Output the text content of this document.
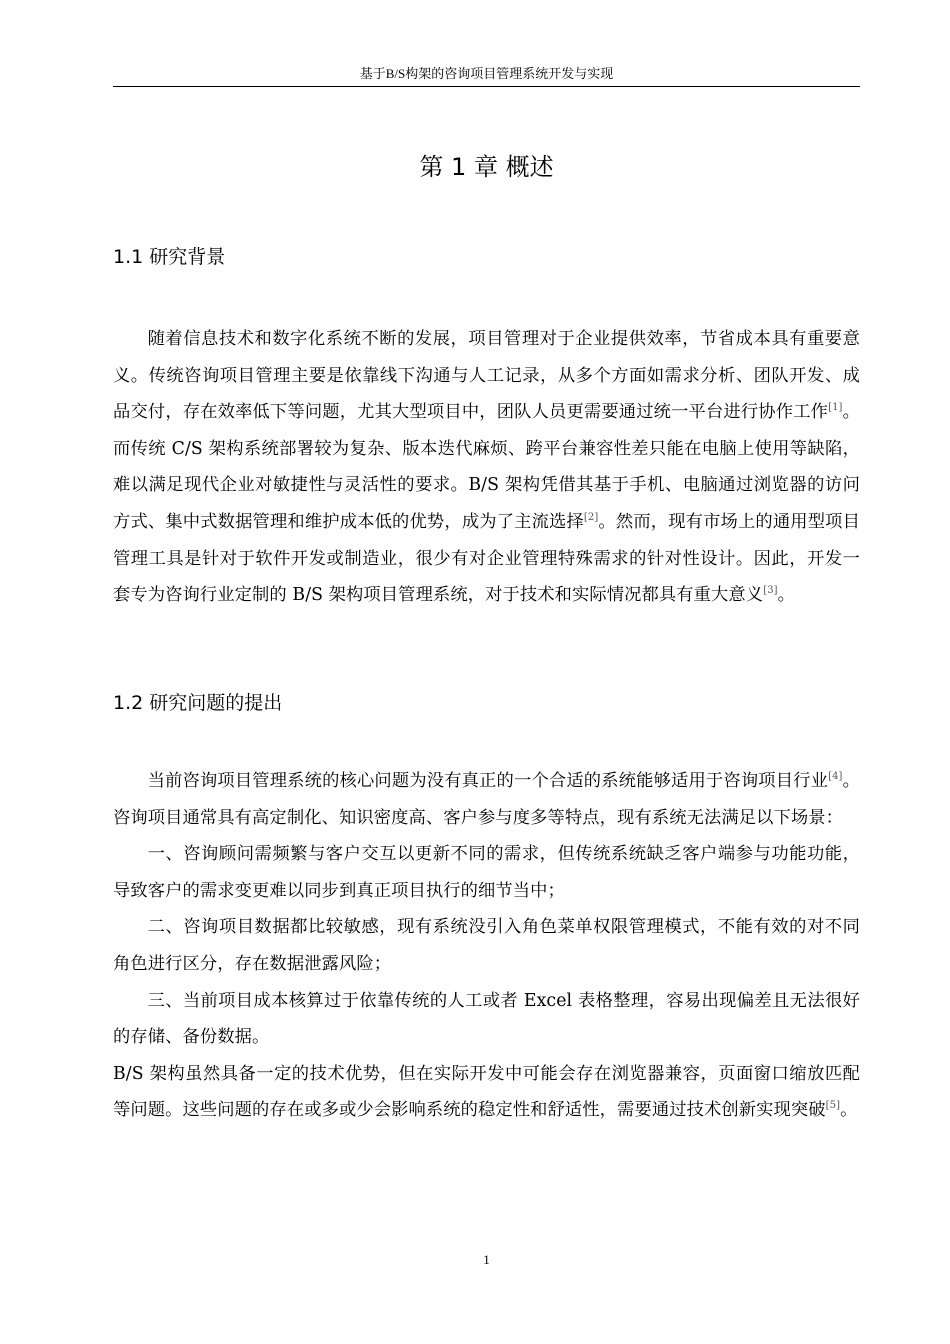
基于B/S构架的咨询项目管理系统开发与实现
第 1 章 概述
1.1 研究背景

随着信息技术和数字化系统不断的发展，项目管理对于企业提供效率，节省成本具有重要意义。传统咨询项目管理主要是依靠线下沟通与人工记录，从多个方面如需求分析、团队开发、成品交付，存在效率低下等问题，尤其大型项目中，团队人员更需要通过统一平台进行协作工作[1]。而传统 C/S 架构系统部署较为复杂、版本迭代麻烦、跨平台兼容性差只能在电脑上使用等缺陷，难以满足现代企业对敏捷性与灵活性的要求。B/S 架构凭借其基于手机、电脑通过浏览器的访问方式、集中式数据管理和维护成本低的优势，成为了主流选择[2]。然而，现有市场上的通用型项目管理工具是针对于软件开发或制造业，很少有对企业管理特殊需求的针对性设计。因此，开发一套专为咨询行业定制的 B/S 架构项目管理系统，对于技术和实际情况都具有重大意义[3]。

1.2 研究问题的提出

当前咨询项目管理系统的核心问题为没有真正的一个合适的系统能够适用于咨询项目行业[4]。咨询项目通常具有高定制化、知识密度高、客户参与度多等特点，现有系统无法满足以下场景：

一、咨询顾问需频繁与客户交互以更新不同的需求，但传统系统缺乏客户端参与功能功能，导致客户的需求变更难以同步到真正项目执行的细节当中；

二、咨询项目数据都比较敏感，现有系统没引入角色菜单权限管理模式，不能有效的对不同角色进行区分，存在数据泄露风险；

三、当前项目成本核算过于依靠传统的人工或者 Excel 表格整理，容易出现偏差且无法很好的存储、备份数据。

B/S 架构虽然具备一定的技术优势，但在实际开发中可能会存在浏览器兼容，页面窗口缩放匹配等问题。这些问题的存在或多或少会影响系统的稳定性和舒适性，需要通过技术创新实现突破[5]。

1
